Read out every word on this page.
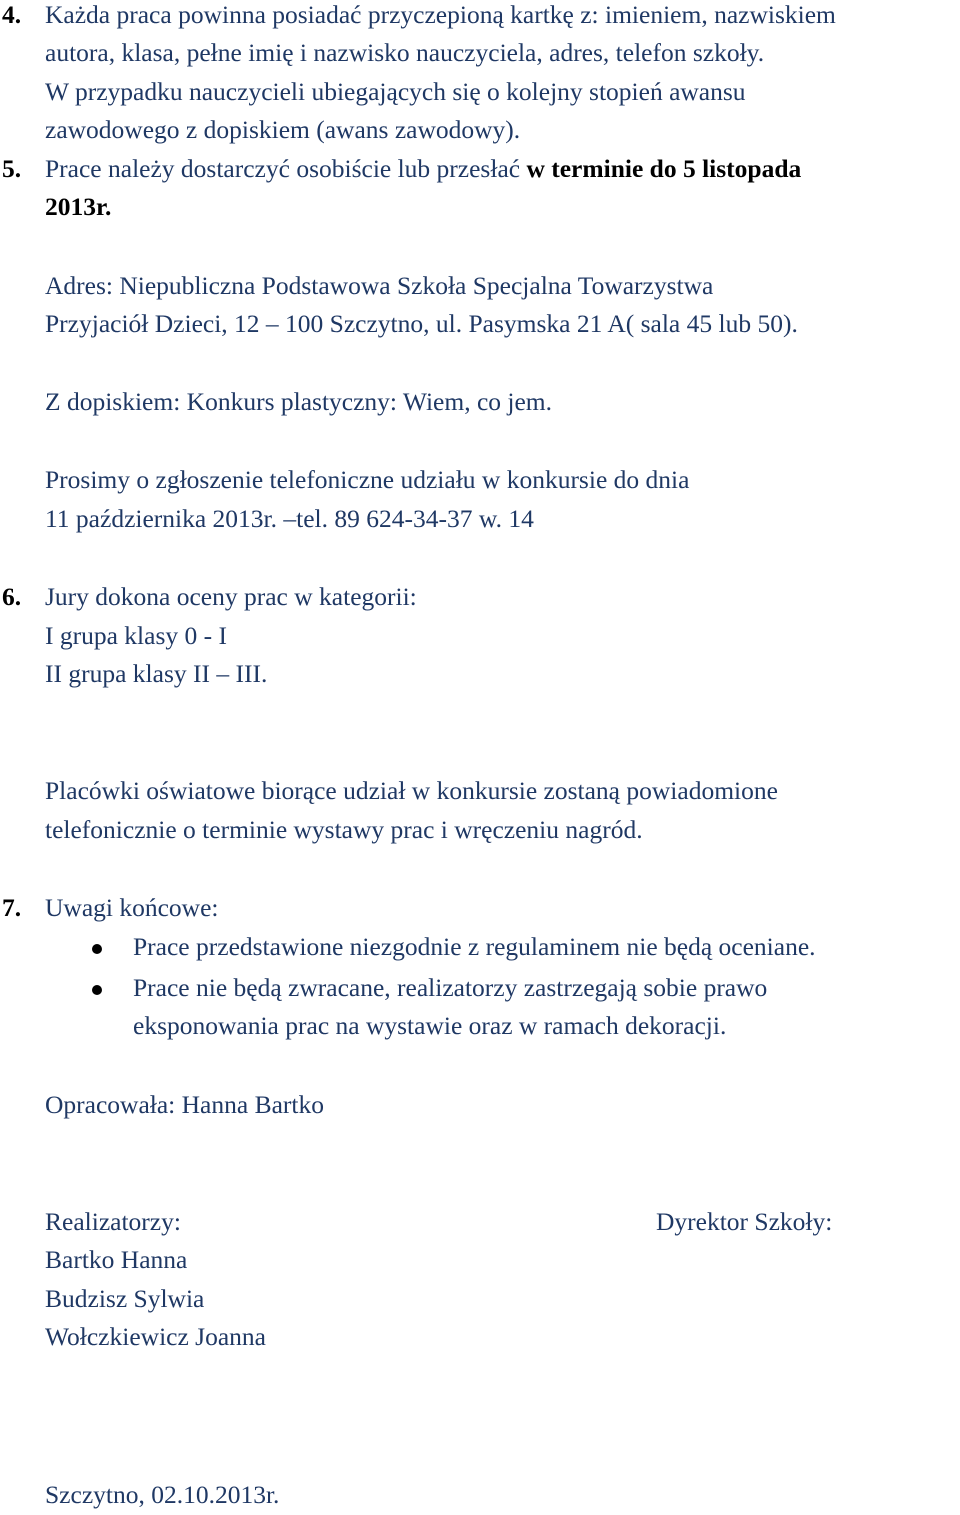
4. Każda praca powinna posiadać przyczepioną kartkę z: imieniem, nazwiskiem
autora, klasa, pełne imię i nazwisko nauczyciela, adres, telefon szkoły.
W przypadku nauczycieli ubiegających się o kolejny stopień awansu
zawodowego z dopiskiem (awans zawodowy).
5. Prace należy dostarczyć osobiście lub przesłać w terminie do 5 listopada
2013r.
Adres: Niepubliczna Podstawowa Szkoła Specjalna Towarzystwa
Przyjaciół Dzieci, 12 – 100 Szczytno, ul. Pasymska 21 A( sala 45 lub 50).
Z dopiskiem: Konkurs plastyczny: Wiem, co jem.
Prosimy o zgłoszenie telefoniczne udziału w konkursie do dnia
11 października 2013r. –tel. 89 624-34-37 w. 14
6. Jury dokona oceny prac w kategorii:
I grupa klasy 0 - I
II grupa klasy II – III.
Placówki oświatowe biorące udział w konkursie zostaną powiadomione
telefonicznie o terminie wystawy prac i wręczeniu nagród.
7. Uwagi końcowe:
Prace przedstawione niezgodnie z regulaminem nie będą oceniane.
Prace nie będą zwracane, realizatorzy zastrzegają sobie prawo
eksponowania prac na wystawie oraz w ramach dekoracji.
Opracowała: Hanna Bartko
Realizatorzy:	Dyrektor Szkoły:
Bartko Hanna
Budzisz Sylwia
Wołczkiewicz Joanna
Szczytno, 02.10.2013r.
